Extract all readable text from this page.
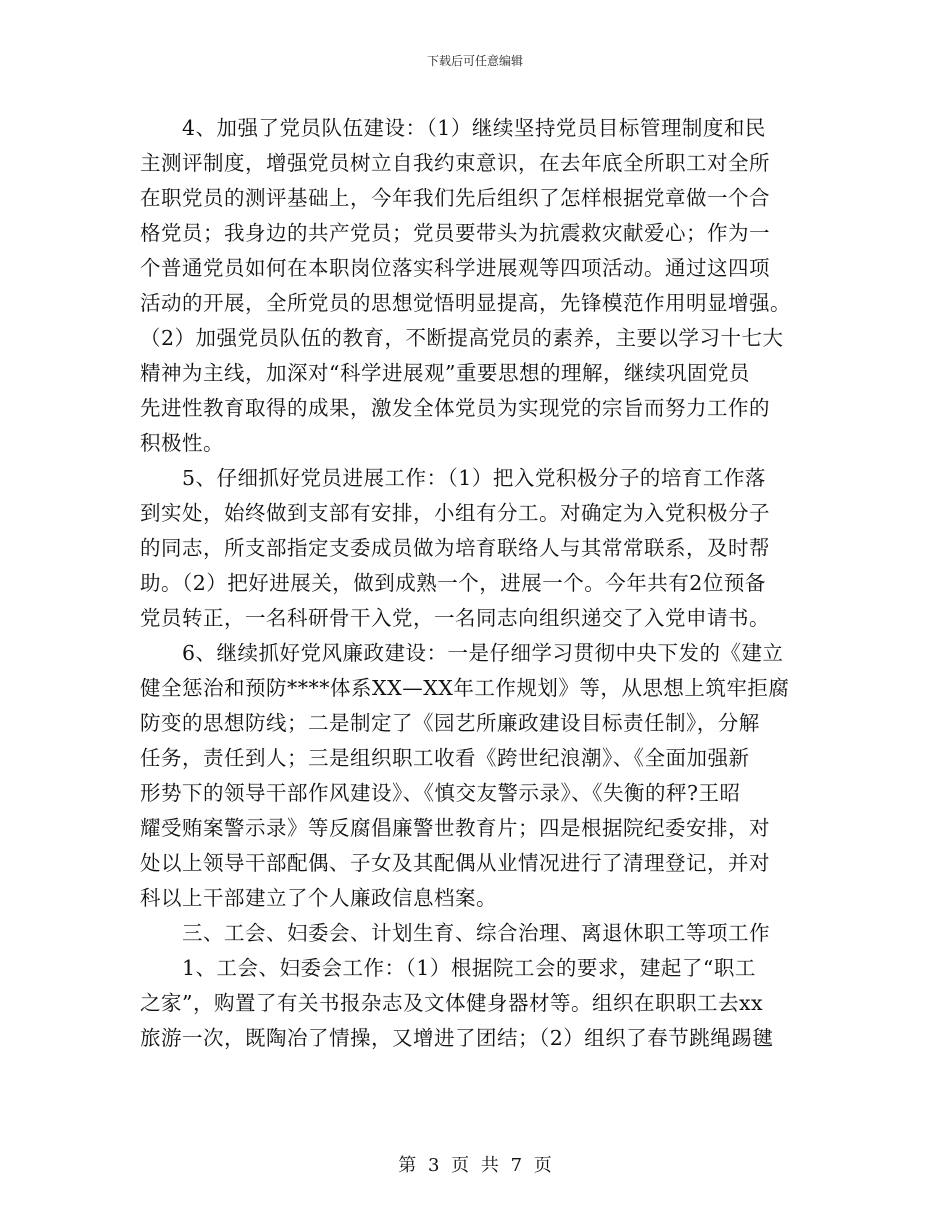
下载后可任意编辑
　　4、加强了党员队伍建设：（1）继续坚持党员目标管理制度和民
主测评制度，增强党员树立自我约束意识，在去年底全所职工对全所
在职党员的测评基础上，今年我们先后组织了怎样根据党章做一个合
格党员；我身边的共产党员；党员要带头为抗震救灾献爱心；作为一
个普通党员如何在本职岗位落实科学进展观等四项活动。通过这四项
活动的开展，全所党员的思想觉悟明显提高，先锋模范作用明显增强。
（2）加强党员队伍的教育，不断提高党员的素养，主要以学习十七大
精神为主线，加深对“科学进展观”重要思想的理解，继续巩固党员
先进性教育取得的成果，激发全体党员为实现党的宗旨而努力工作的
积极性。
　　5、仔细抓好党员进展工作：（1）把入党积极分子的培育工作落
到实处，始终做到支部有安排，小组有分工。对确定为入党积极分子
的同志，所支部指定支委成员做为培育联络人与其常常联系，及时帮
助。（2）把好进展关，做到成熟一个，进展一个。今年共有2位预备
党员转正，一名科研骨干入党，一名同志向组织递交了入党申请书。
　　6、继续抓好党风廉政建设：一是仔细学习贯彻中央下发的《建立
健全惩治和预防****体系XX—XX年工作规划》等，从思想上筑牢拒腐
防变的思想防线；二是制定了《园艺所廉政建设目标责任制》，分解
任务，责任到人；三是组织职工收看《跨世纪浪潮》、《全面加强新
形势下的领导干部作风建设》、《慎交友警示录》、《失衡的秤?王昭
耀受贿案警示录》等反腐倡廉警世教育片；四是根据院纪委安排，对
处以上领导干部配偶、子女及其配偶从业情况进行了清理登记，并对
科以上干部建立了个人廉政信息档案。
　　三、工会、妇委会、计划生育、综合治理、离退休职工等项工作
　　1、工会、妇委会工作：（1）根据院工会的要求，建起了“职工
之家”，购置了有关书报杂志及文体健身器材等。组织在职职工去xx
旅游一次，既陶冶了情操，又增进了团结；（2）组织了春节跳绳踢毽
第 3 页 共 7 页
